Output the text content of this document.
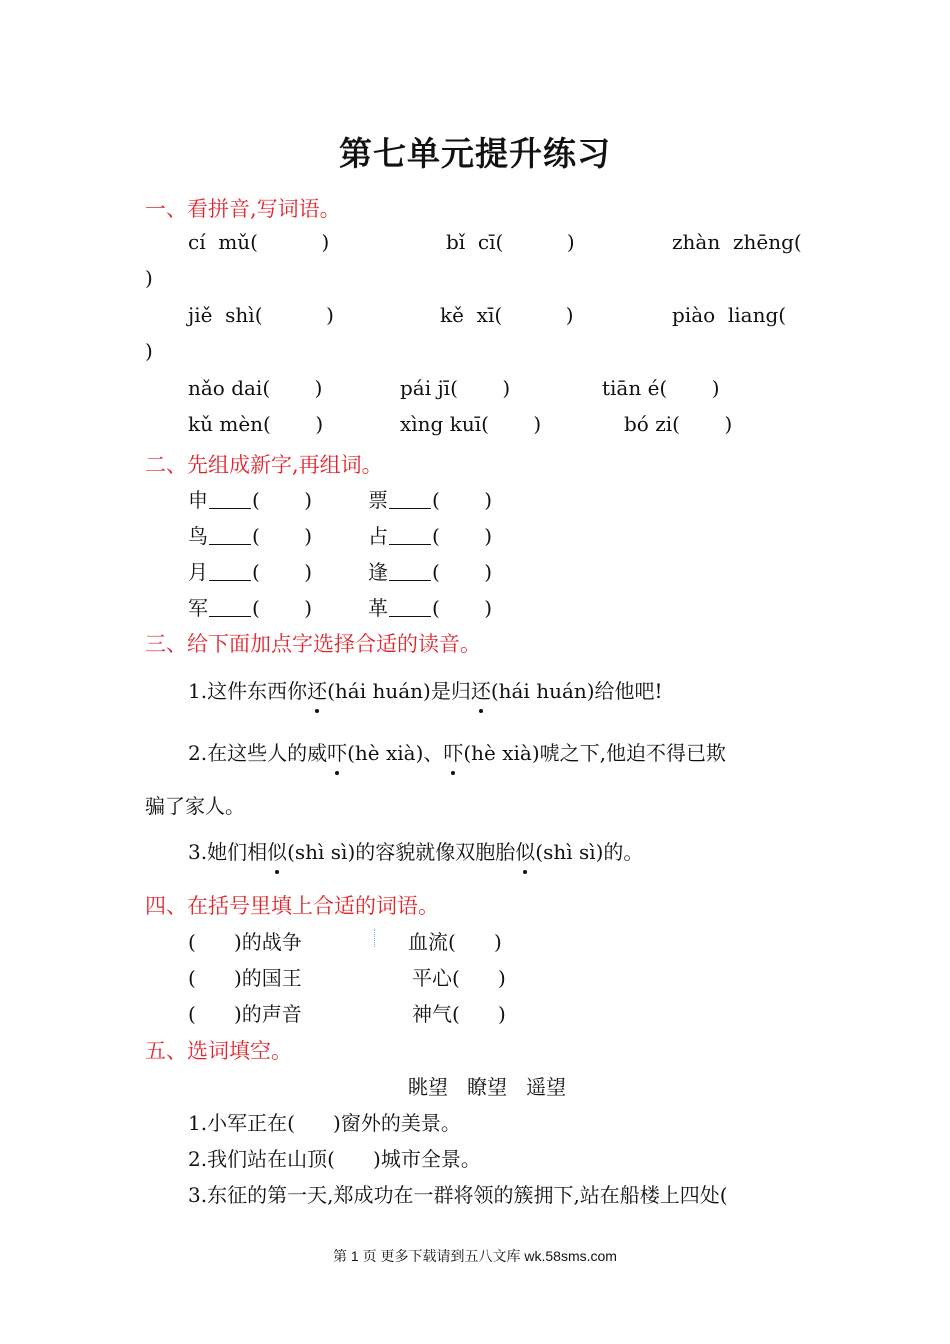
第七单元提升练习
一、看拼音,写词语。
cí  mǔ(          )	bǐ  cī(          )	zhàn  zhēng(
)
jiě  shì(          )	kě  xī(          )	piào  liang(
)
nǎo dai(       )	pái jī(       )	tiān é(       )
kǔ mèn(       )	xìng kuī(       )	bó zi(       )
二、先组成新字,再组词。
申 (       )	票 (       )
鸟 (       )	占 (       )
月 (       )	逢 (       )
军 (       )	革 (       )
三、给下面加点字选择合适的读音。
1.这件东西你还(hái huán)是归还(hái huán)给他吧!
2.在这些人的威吓(hè xià)、吓(hè xià)唬之下,他迫不得已欺
骗了家人。
3.她们相似(shì sì)的容貌就像双胞胎似(shì sì)的。
四、在括号里填上合适的词语。
(      )的战争	血流(      )
(      )的国王	平心(      )
(      )的声音	神气(      )
五、选词填空。
眺望   瞭望   遥望
1.小军正在(      )窗外的美景。
2.我们站在山顶(      )城市全景。
3.东征的第一天,郑成功在一群将领的簇拥下,站在船楼上四处(
第 1 页 更多下载请到五八文库 wk.58sms.com
